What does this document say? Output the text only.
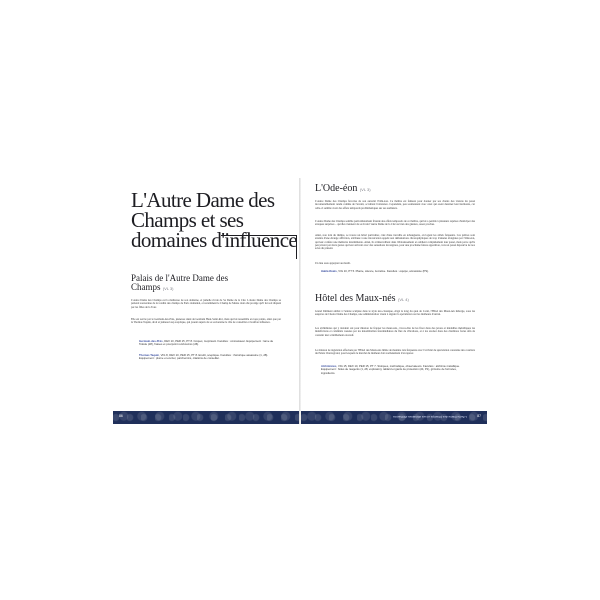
L'Autre Dame des Champs et ses domaines d'influence
Palais de l'Autre Dame des Champs (VL 3)
L'Autre Dame des Champs est la maîtresse de son domaine, et jumelle rivale de Sa Dame de la Cité. L'Autre Dame des Champs se prétend souveraine de la totalité des champs de Paris domanial, et notamment le Champ de Marne dont elle protège qu'il lui soit disputé par les filles de la Tour.
Elle est servie par le Germain-des-Prés, jeunesse réuni de Germain Haut-Saint-Roi, mais qui lui ressemble en tous points, ainsi que par le Thomas Taquin, droit et jumeau loup sceptique, qui jouent auprès de sa souveraine le rôle de conseiller et bouffon influence.
Germain-des-Prés, DEX 10, PER 15, PT 8. Coquet, méprisant. Facultés : connaisseur. Equipement : lame de Tolède (d8), fraises et pourpoint rembourrés (d6).
Thomas Taquin, VIG 8, DEX 10, PER 15, PT 8. Erudit, sceptique. Facultés : rhétorique assassine (1, d8). Equipement : plume et encrier, parchemins, citations de conseiller.
86
L'Ode-éon (VL 3)
L'Autre Dame des Champs favorise de son autorité l'Odé-éon. Ce théâtre est fameux pour donner par ses chants des visions du passé incontestablement rendu comme de l'avenir, occultant l'existence. Cependant, peu soutiennent avec ceux qui osent dessiner leur harmonie, car celle-ci semble avoir des effets temporels problématiques sur ses auditeurs.
L'Autre Dame des Champs semble particulièrement friande des effets temporels de ce théâtre, qui lui a permis à plusieurs reprises d'anticiper des attaques surprises – qu'elles viennent de sa rivale l'Autre Dame de la Cité ou bien des géantes, assez proches.
Ainsi, non loin du théâtre, se trouve un hôtel particulier, créé d'une travaille en échauguette, où logent les abbés fréquents. Ces prêtres sont atteints d'une étrange affliction, attribuée à une intoxication appelé aux démanations chronophysiques de trop d'années éloignées par l'Odé-éon, qui leur confère une mémoire intermittente. Ainsi, ils s'émerveillent dans l'éblouissement et oublient complètement leur passé, mais parce qu'ils perçoivent par mots gestes qui leur arrivent avec des sensations incongrues, pour une prochaine future apparition, vers un passé dépourvu de nos actes du présent.
Un lieu sous appuyant au mardi.
Hablé-Reals, VIG 10, PT 5. Plante, silence, lucrative. Facultés : équipé, amnésiste (PS).
Hôtel des Maux-nés (VL 4)
Grand bâtiment ambré à l'entrée sculptée dans le style néo-classique, érigé le long du quai de Conti, l'Hôtel des Maux-nés héberge, sous les auspices de l'Autre Dame des Champs, une administration visant à réguler la spéculation sur les malheurs d'autrui.
Les alchimistes qui y résident ont pour mission de frapper les maux-nés, c'est-à-dire de les fixer dans des jetons et médailles métalliques les maléfictions et calamités causées par les innombrables intermédiaires du flux de vibrations, et à les stocker dans des chambres fortes afin de contenir leur scintillement excessif.
La mission de régulation effectuée par l'Hôtel des Maux-nés limite de manière très fréquente avec l'activité de spéculation constante des courtiers du Palais Chartogrand, pour lesquels le marché du malheur doit normalement d'accaparer.
Alchimistes, VIG 15, DEX 10, PER 15, PT 7. Stoïques, méthodique, observateurs. Facultés : alchimie métallique. Equipement : fioles de réagents (1, d8, explosion), tablard et gants de protection (d4, P1), grimoire de formules, ingrédients.
L'Autre Dame des Champs et ses domaines d'influence	87
